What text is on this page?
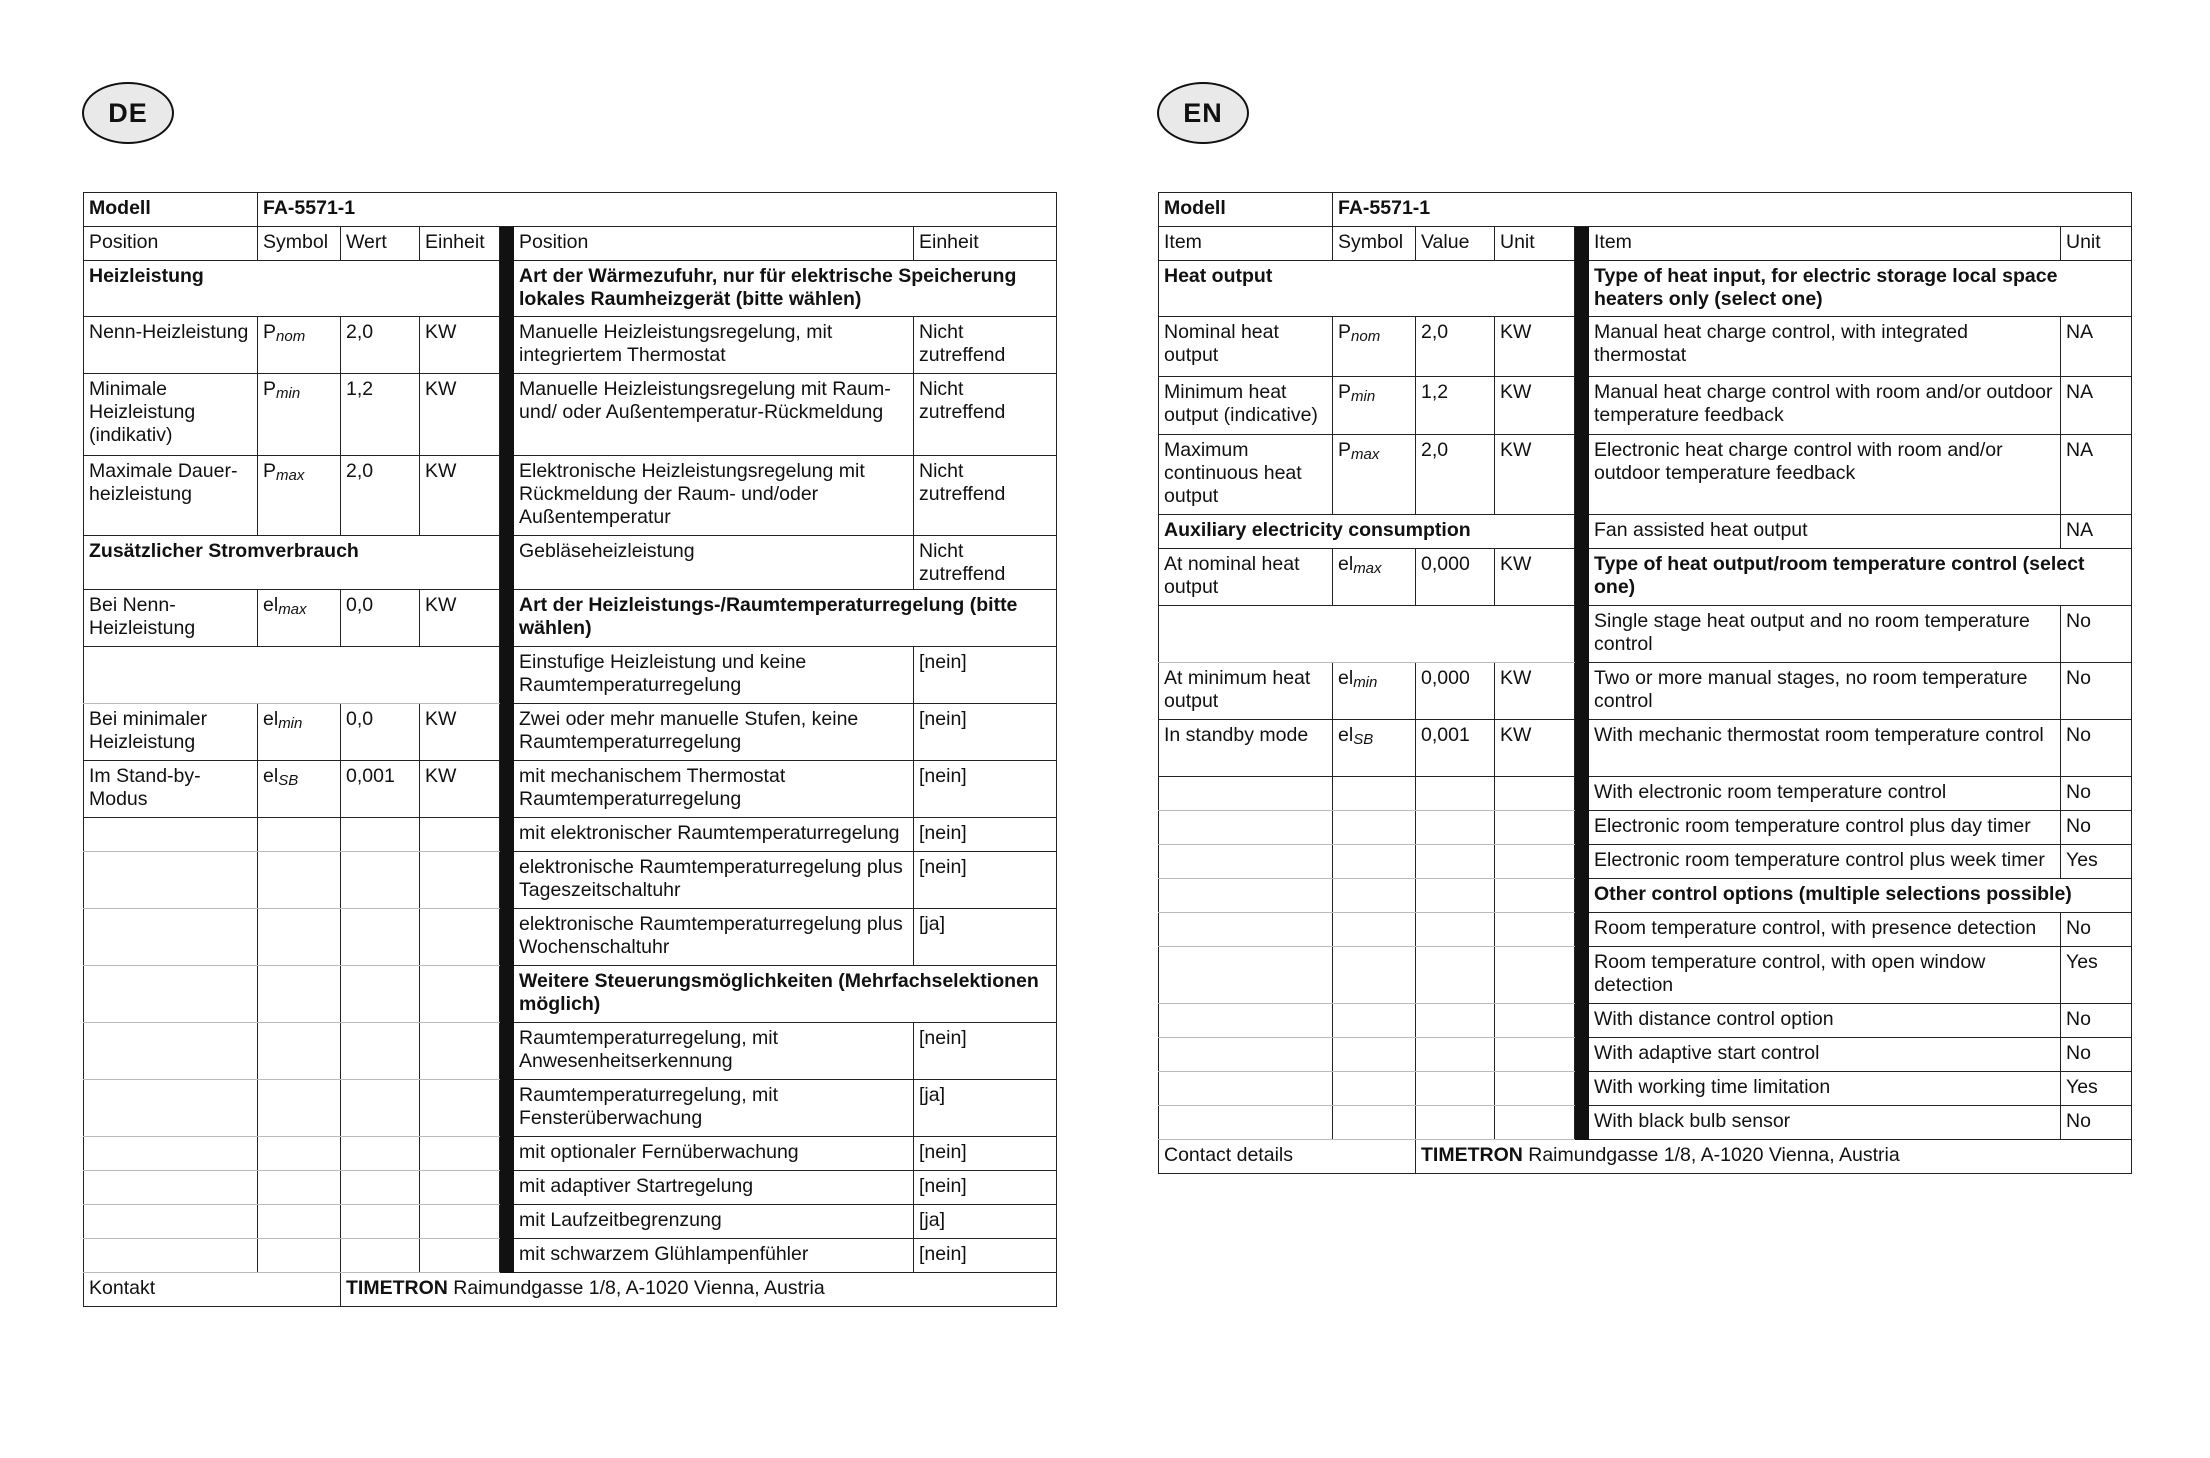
DE	EN
Modell	FA-5571-1					
Position	Symbol	Wert	Einheit		Position	Einheit
Heizleistung					Art der Wärmezufuhr, nur für elektrische Speicherung lokales Raumheizgerät (bitte wählen)	
Nenn-Heizleistung	Pnom	2,0	KW		Manuelle Heizleistungsregelung, mit integriertem Thermostat	Nicht zutreffend
Minimale Heizleistung (indikativ)	Pmin	1,2	KW		Manuelle Heizleistungsregelung mit Raum- und/ oder Außentemperatur-Rückmeldung	Nicht zutreffend
Maximale Dauer-heizleistung	Pmax	2,0	KW		Elektronische Heizleistungsregelung mit Rückmeldung der Raum- und/oder Außentemperatur	Nicht zutreffend
Zusätzlicher Stromverbrauch					Gebläseheizleistung	Nicht zutreffend
Bei Nenn-Heizleistung	elmax	0,0	KW		Art der Heizleistungs-/Raumtemperaturregelung (bitte wählen)	
					Einstufige Heizleistung und keine Raumtemperaturregelung	[nein]
Bei minimaler Heizleistung	elmin	0,0	KW		Zwei oder mehr manuelle Stufen, keine Raumtemperaturregelung	[nein]
Im Stand-by-Modus	elSB	0,001	KW		mit mechanischem Thermostat Raumtemperaturregelung	[nein]
					mit elektronischer Raumtemperaturregelung	[nein]
					elektronische Raumtemperaturregelung plus Tageszeitschaltuhr	[nein]
					elektronische Raumtemperaturregelung plus Wochenschaltuhr	[ja]
					Weitere Steuerungsmöglichkeiten (Mehrfachselektionen möglich)	
					Raumtemperaturregelung, mit Anwesenheitserkennung	[nein]
					Raumtemperaturregelung, mit Fensterüberwachung	[ja]
					mit optionaler Fernüberwachung	[nein]
					mit adaptiver Startregelung	[nein]
					mit Laufzeitbegrenzung	[ja]
					mit schwarzem Glühlampenfühler	[nein]
Kontakt		TIMETRON Raimundgasse 1/8, A-1020 Vienna, Austria				
Modell	FA-5571-1					
Item	Symbol	Value	Unit		Item	Unit
Heat output					Type of heat input, for electric storage local space heaters only (select one)	
Nominal heat output	Pnom	2,0	KW		Manual heat charge control, with integrated thermostat	NA
Minimum heat output (indicative)	Pmin	1,2	KW		Manual heat charge control with room and/or outdoor temperature feedback	NA
Maximum continuous heat output	Pmax	2,0	KW		Electronic heat charge control with room and/or outdoor temperature feedback	NA
Auxiliary electricity consumption					Fan assisted heat output	NA
At nominal heat output	elmax	0,000	KW		Type of heat output/room temperature control (select one)	
					Single stage heat output and no room temperature control	No
At minimum heat output	elmin	0,000	KW		Two or more manual stages, no room temperature control	No
In standby mode	elSB	0,001	KW		With mechanic thermostat room temperature control	No
					With electronic room temperature control	No
					Electronic room temperature control plus day timer	No
					Electronic room temperature control plus week timer	Yes
					Other control options (multiple selections possible)	
					Room temperature control, with presence detection	No
					Room temperature control, with open window detection	Yes
					With distance control option	No
					With adaptive start control	No
					With working time limitation	Yes
					With black bulb sensor	No
Contact details		TIMETRON Raimundgasse 1/8, A-1020 Vienna, Austria				
